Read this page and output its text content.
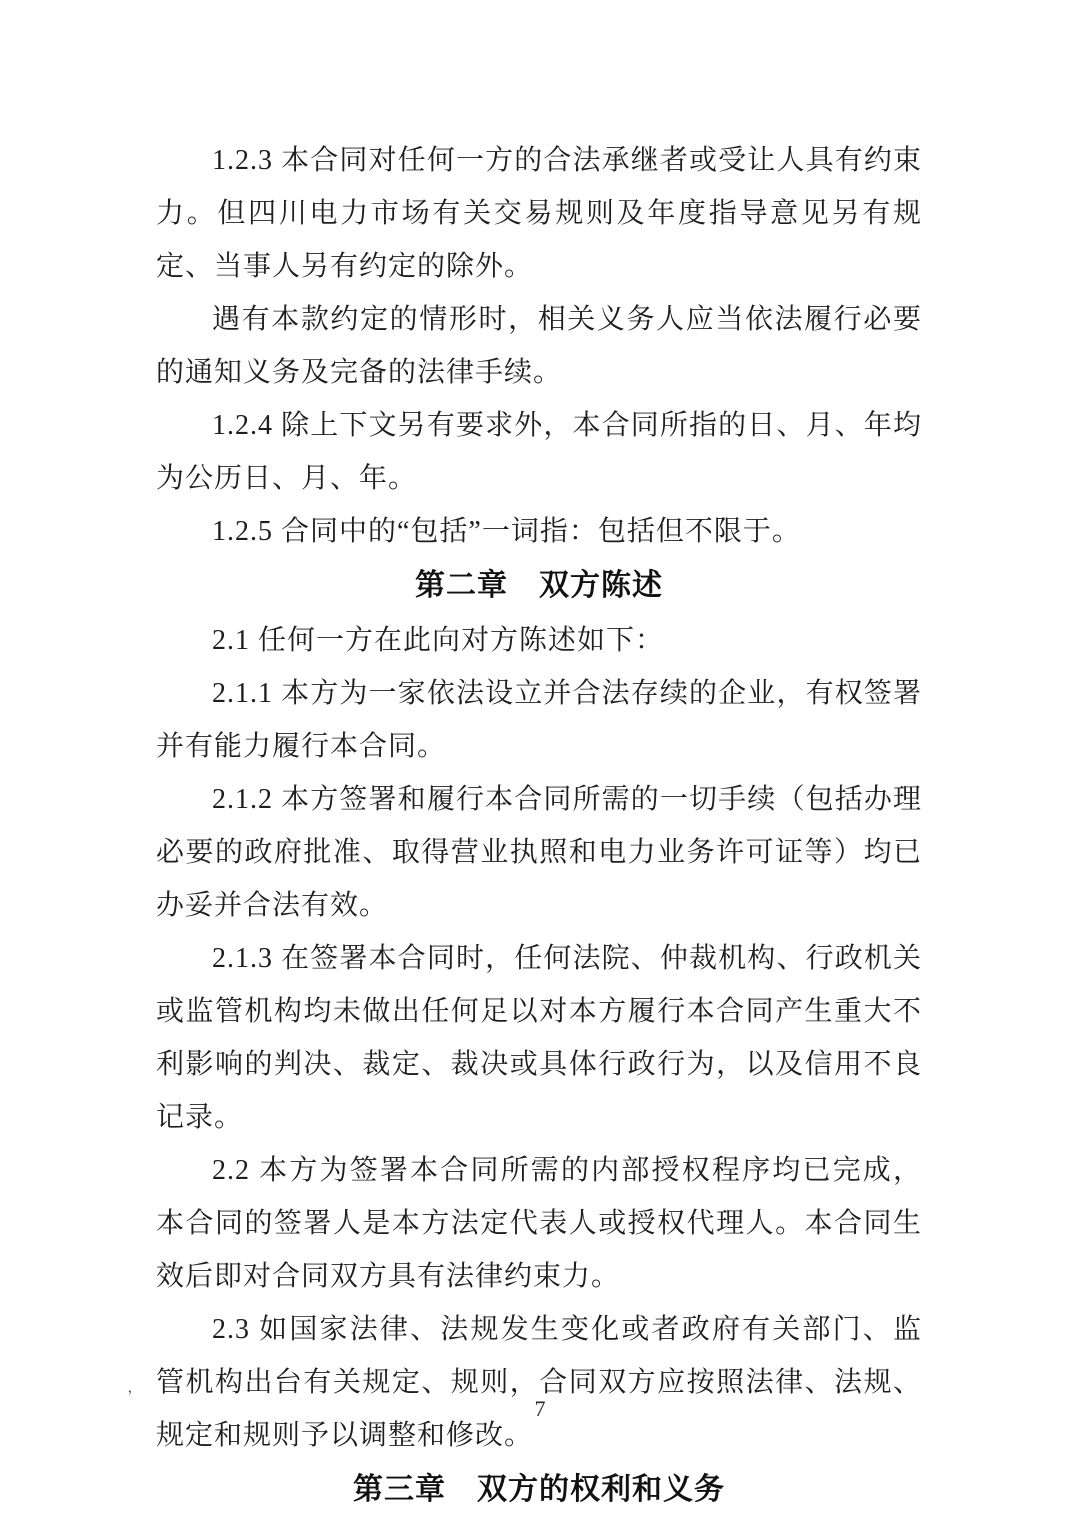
1.2.3 本合同对任何一方的合法承继者或受让人具有约束力。但四川电力市场有关交易规则及年度指导意见另有规定、当事人另有约定的除外。

遇有本款约定的情形时，相关义务人应当依法履行必要的通知义务及完备的法律手续。

1.2.4 除上下文另有要求外，本合同所指的日、月、年均为公历日、月、年。

1.2.5 合同中的“包括”一词指：包括但不限于。

第二章　双方陈述

2.1 任何一方在此向对方陈述如下：

2.1.1 本方为一家依法设立并合法存续的企业，有权签署并有能力履行本合同。

2.1.2 本方签署和履行本合同所需的一切手续（包括办理必要的政府批准、取得营业执照和电力业务许可证等）均已办妥并合法有效。

2.1.3 在签署本合同时，任何法院、仲裁机构、行政机关或监管机构均未做出任何足以对本方履行本合同产生重大不利影响的判决、裁定、裁决或具体行政行为，以及信用不良记录。

2.2 本方为签署本合同所需的内部授权程序均已完成，本合同的签署人是本方法定代表人或授权代理人。本合同生效后即对合同双方具有法律约束力。

2.3 如国家法律、法规发生变化或者政府有关部门、监管机构出台有关规定、规则，合同双方应按照法律、法规、规定和规则予以调整和修改。

第三章　双方的权利和义务

’	7
